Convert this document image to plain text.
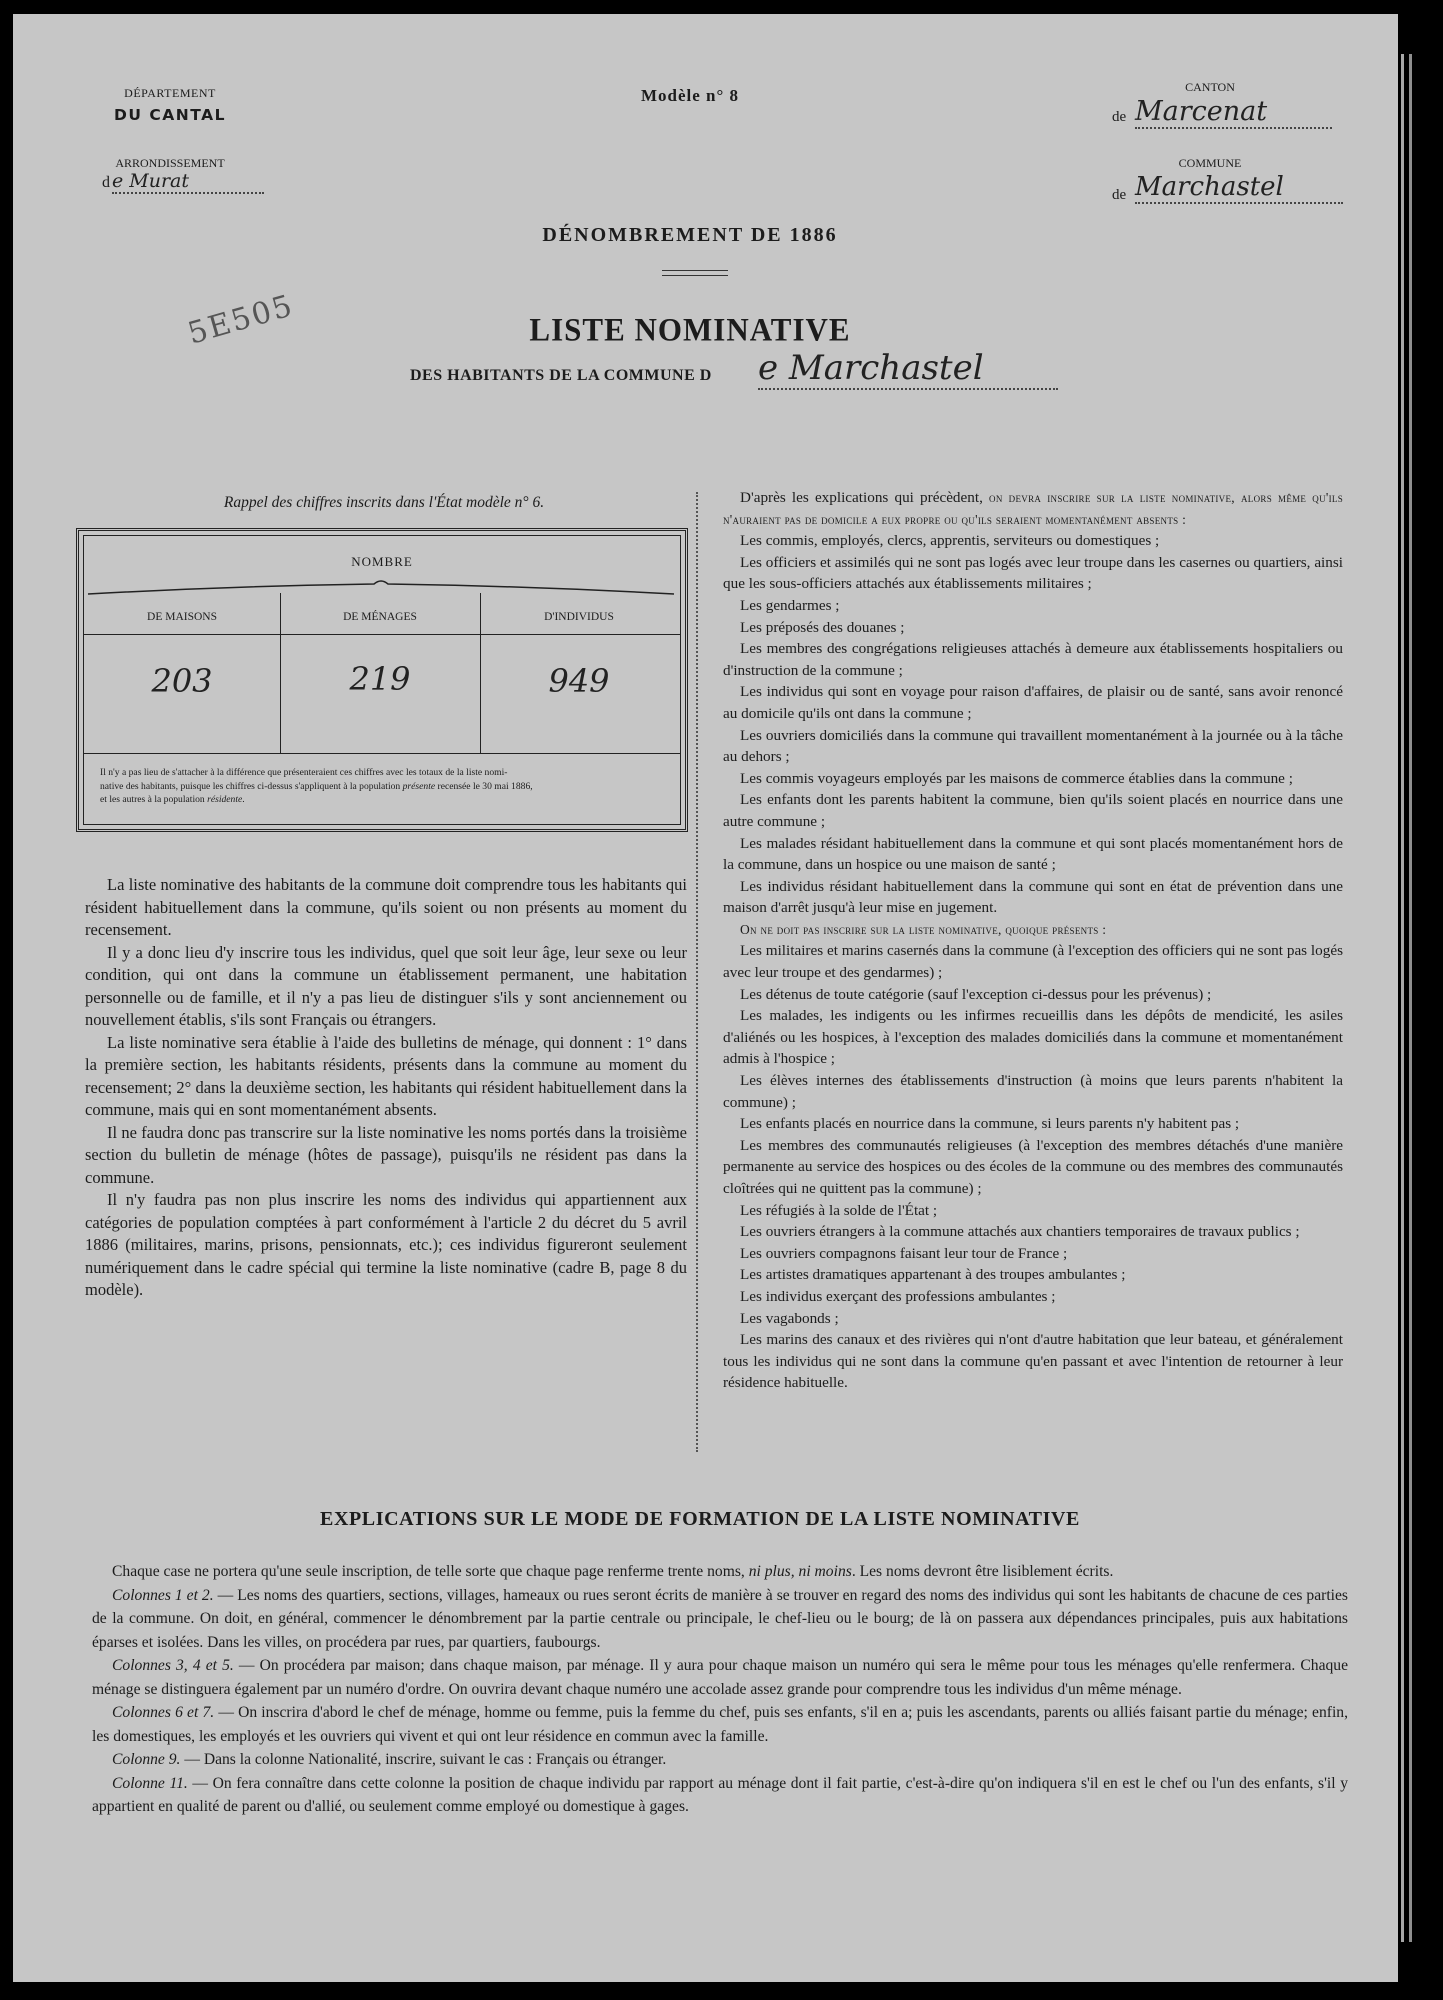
DÉPARTEMENT
DU CANTAL
ARRONDISSEMENT
d e Murat
Modèle n° 8	CANTON
de Marcenat
COMMUNE
de Marchastel
DÉNOMBREMENT DE 1886
5E505	LISTE NOMINATIVE
DES HABITANTS DE LA COMMUNE D e Marchastel
Rappel des chiffres inscrits dans l'État modèle n° 6.
NOMBRE
DE MAISONS	DE MÉNAGES	D'INDIVIDUS
203	219	949
Il n'y a pas lieu de s'attacher à la différence que présenteraient ces chiffres avec les totaux de la liste nomi-
native des habitants, puisque les chiffres ci-dessus s'appliquent à la population présente recensée le 30 mai 1886,
et les autres à la population résidente.

La liste nominative des habitants de la commune doit comprendre tous les habitants qui résident habituellement dans la commune, qu'ils soient ou non présents au moment du recensement.

Il y a donc lieu d'y inscrire tous les individus, quel que soit leur âge, leur sexe ou leur condition, qui ont dans la commune un établissement permanent, une habitation personnelle ou de famille, et il n'y a pas lieu de distinguer s'ils y sont anciennement ou nouvellement établis, s'ils sont Français ou étrangers.

La liste nominative sera établie à l'aide des bulletins de ménage, qui donnent : 1° dans la première section, les habitants résidents, présents dans la commune au moment du recensement; 2° dans la deuxième section, les habitants qui résident habituellement dans la commune, mais qui en sont momentanément absents.

Il ne faudra donc pas transcrire sur la liste nominative les noms portés dans la troisième section du bulletin de ménage (hôtes de passage), puisqu'ils ne résident pas dans la commune.

Il n'y faudra pas non plus inscrire les noms des individus qui appartiennent aux catégories de population comptées à part conformément à l'article 2 du décret du 5 avril 1886 (militaires, marins, prisons, pensionnats, etc.); ces individus figureront seulement numériquement dans le cadre spécial qui termine la liste nominative (cadre B, page 8 du modèle).

D'après les explications qui précèdent, on devra inscrire sur la liste nominative, alors même qu'ils n'auraient pas de domicile a eux propre ou qu'ils seraient momentanément absents :

Les commis, employés, clercs, apprentis, serviteurs ou domestiques ;

Les officiers et assimilés qui ne sont pas logés avec leur troupe dans les casernes ou quartiers, ainsi que les sous-officiers attachés aux établissements militaires ;

Les gendarmes ;

Les préposés des douanes ;

Les membres des congrégations religieuses attachés à demeure aux établissements hospitaliers ou d'instruction de la commune ;

Les individus qui sont en voyage pour raison d'affaires, de plaisir ou de santé, sans avoir renoncé au domicile qu'ils ont dans la commune ;

Les ouvriers domiciliés dans la commune qui travaillent momentanément à la journée ou à la tâche au dehors ;

Les commis voyageurs employés par les maisons de commerce établies dans la commune ;

Les enfants dont les parents habitent la commune, bien qu'ils soient placés en nourrice dans une autre commune ;

Les malades résidant habituellement dans la commune et qui sont placés momentanément hors de la commune, dans un hospice ou une maison de santé ;

Les individus résidant habituellement dans la commune qui sont en état de prévention dans une maison d'arrêt jusqu'à leur mise en jugement.

On ne doit pas inscrire sur la liste nominative, quoique présents :

Les militaires et marins casernés dans la commune (à l'exception des officiers qui ne sont pas logés avec leur troupe et des gendarmes) ;

Les détenus de toute catégorie (sauf l'exception ci-dessus pour les prévenus) ;

Les malades, les indigents ou les infirmes recueillis dans les dépôts de mendicité, les asiles d'aliénés ou les hospices, à l'exception des malades domiciliés dans la commune et momentanément admis à l'hospice ;

Les élèves internes des établissements d'instruction (à moins que leurs parents n'habitent la commune) ;

Les enfants placés en nourrice dans la commune, si leurs parents n'y habitent pas ;

Les membres des communautés religieuses (à l'exception des membres détachés d'une manière permanente au service des hospices ou des écoles de la commune ou des membres des communautés cloîtrées qui ne quittent pas la commune) ;

Les réfugiés à la solde de l'État ;

Les ouvriers étrangers à la commune attachés aux chantiers temporaires de travaux publics ;

Les ouvriers compagnons faisant leur tour de France ;

Les artistes dramatiques appartenant à des troupes ambulantes ;

Les individus exerçant des professions ambulantes ;

Les vagabonds ;

Les marins des canaux et des rivières qui n'ont d'autre habitation que leur bateau, et généralement tous les individus qui ne sont dans la commune qu'en passant et avec l'intention de retourner à leur résidence habituelle.

EXPLICATIONS SUR LE MODE DE FORMATION DE LA LISTE NOMINATIVE

Chaque case ne portera qu'une seule inscription, de telle sorte que chaque page renferme trente noms, ni plus, ni moins. Les noms devront être lisiblement écrits.

Colonnes 1 et 2. — Les noms des quartiers, sections, villages, hameaux ou rues seront écrits de manière à se trouver en regard des noms des individus qui sont les habitants de chacune de ces parties de la commune. On doit, en général, commencer le dénombrement par la partie centrale ou principale, le chef-lieu ou le bourg; de là on passera aux dépendances principales, puis aux habitations éparses et isolées. Dans les villes, on procédera par rues, par quartiers, faubourgs.

Colonnes 3, 4 et 5. — On procédera par maison; dans chaque maison, par ménage. Il y aura pour chaque maison un numéro qui sera le même pour tous les ménages qu'elle renfermera. Chaque ménage se distinguera également par un numéro d'ordre. On ouvrira devant chaque numéro une accolade assez grande pour comprendre tous les individus d'un même ménage.

Colonnes 6 et 7. — On inscrira d'abord le chef de ménage, homme ou femme, puis la femme du chef, puis ses enfants, s'il en a; puis les ascendants, parents ou alliés faisant partie du ménage; enfin, les domestiques, les employés et les ouvriers qui vivent et qui ont leur résidence en commun avec la famille.

Colonne 9. — Dans la colonne Nationalité, inscrire, suivant le cas : Français ou étranger.

Colonne 11. — On fera connaître dans cette colonne la position de chaque individu par rapport au ménage dont il fait partie, c'est-à-dire qu'on indiquera s'il en est le chef ou l'un des enfants, s'il y appartient en qualité de parent ou d'allié, ou seulement comme employé ou domestique à gages.
